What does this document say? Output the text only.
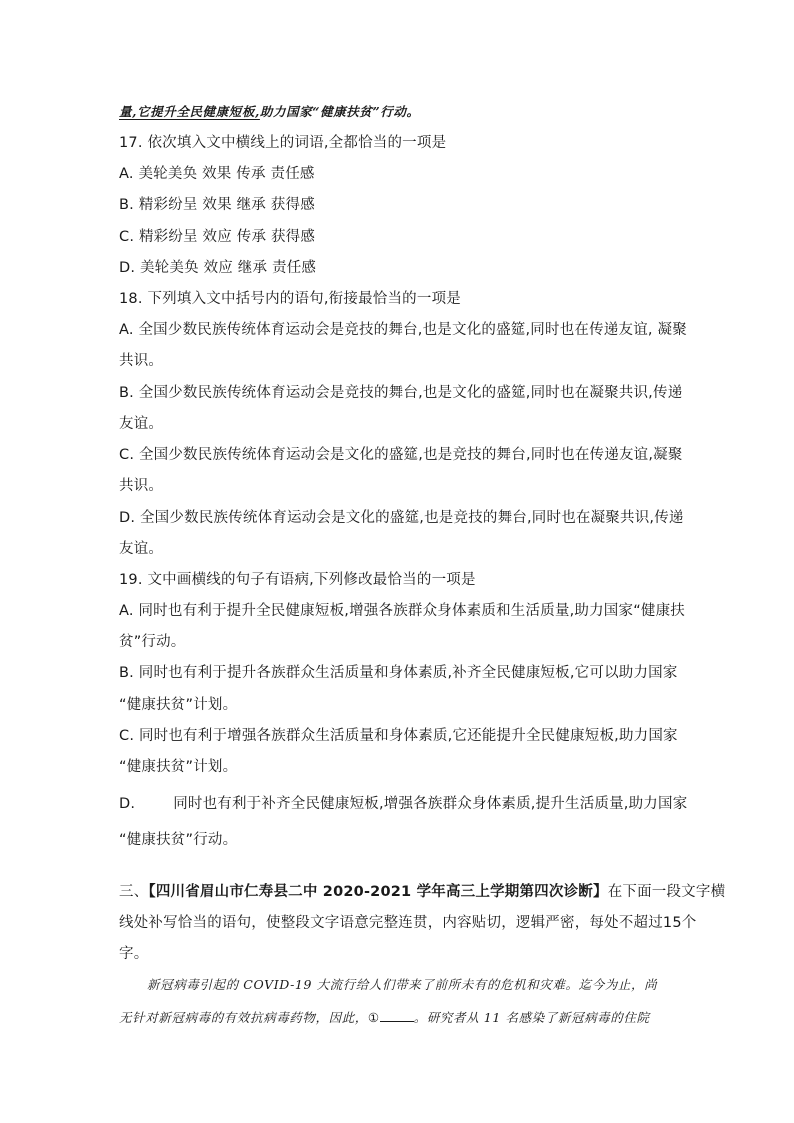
量,它提升全民健康短板,助力国家“健康扶贫”行动。
17. 依次填入文中横线上的词语,全都恰当的一项是
A. 美轮美奂 效果 传承 责任感
B. 精彩纷呈 效果 继承 获得感
C. 精彩纷呈 效应 传承 获得感
D. 美轮美奂 效应 继承 责任感
18. 下列填入文中括号内的语句,衔接最恰当的一项是
A. 全国少数民族传统体育运动会是竞技的舞台,也是文化的盛筵,同时也在传递友谊, 凝聚
共识。
B. 全国少数民族传统体育运动会是竞技的舞台,也是文化的盛筵,同时也在凝聚共识,传递
友谊。
C. 全国少数民族传统体育运动会是文化的盛筵,也是竞技的舞台,同时也在传递友谊,凝聚
共识。
D. 全国少数民族传统体育运动会是文化的盛筵,也是竞技的舞台,同时也在凝聚共识,传递
友谊。
19. 文中画横线的句子有语病,下列修改最恰当的一项是
A. 同时也有利于提升全民健康短板,增强各族群众身体素质和生活质量,助力国家“健康扶
贫”行动。
B. 同时也有利于提升各族群众生活质量和身体素质,补齐全民健康短板,它可以助力国家
“健康扶贫”计划。
C. 同时也有利于增强各族群众生活质量和身体素质,它还能提升全民健康短板,助力国家
“健康扶贫”计划。
D.	同时也有利于补齐全民健康短板,增强各族群众身体素质,提升生活质量,助力国家
“健康扶贫”行动。
三、【四川省眉山市仁寿县二中 2020-2021 学年高三上学期第四次诊断】在下面一段文字横
线处补写恰当的语句，使整段文字语意完整连贯，内容贴切，逻辑严密，每处不超过15个
字。
新冠病毒引起的 COVID-19 大流行给人们带来了前所未有的危机和灾难。迄今为止，尚
无针对新冠病毒的有效抗病毒药物，因此，①	。研究者从 11 名感染了新冠病毒的住院
